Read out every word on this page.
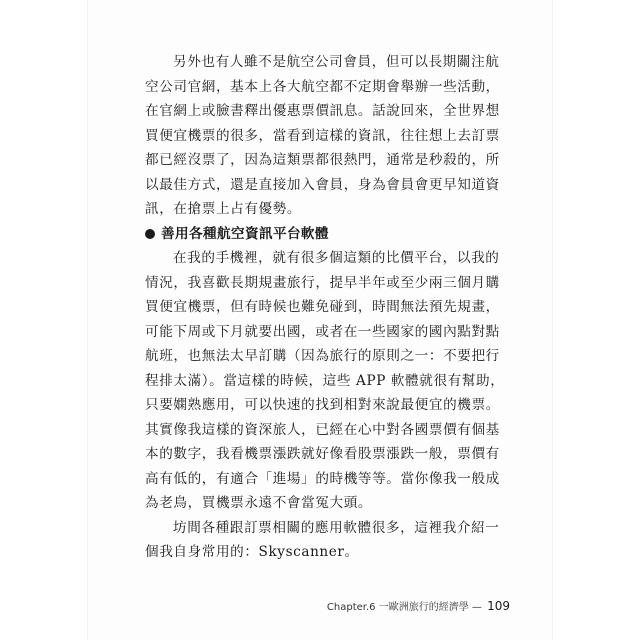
另外也有人雖不是航空公司會員，但可以長期關注航
空公司官網，基本上各大航空都不定期會舉辦一些活動，
在官網上或臉書釋出優惠票價訊息。話說回來，全世界想
買便宜機票的很多，當看到這樣的資訊，往往想上去訂票
都已經沒票了，因為這類票都很熱門，通常是秒殺的，所
以最佳方式，還是直接加入會員，身為會員會更早知道資
訊，在搶票上占有優勢。
善用各種航空資訊平台軟體
在我的手機裡，就有很多個這類的比價平台，以我的
情況，我喜歡長期規畫旅行，提早半年或至少兩三個月購
買便宜機票，但有時候也難免碰到，時間無法預先規畫，
可能下周或下月就要出國，或者在一些國家的國內點對點
航班，也無法太早訂購（因為旅行的原則之一：不要把行
程排太滿）。當這樣的時候，這些 APP 軟體就很有幫助，
只要嫻熟應用，可以快速的找到相對來說最便宜的機票。
其實像我這樣的資深旅人，已經在心中對各國票價有個基
本的數字，我看機票漲跌就好像看股票漲跌一般，票價有
高有低的，有適合「進場」的時機等等。當你像我一般成
為老鳥，買機票永遠不會當冤大頭。
坊間各種跟訂票相關的應用軟體很多，這裡我介紹一
個我自身常用的：Skyscanner。
Chapter.6 一歐洲旅行的經濟學 — 109
